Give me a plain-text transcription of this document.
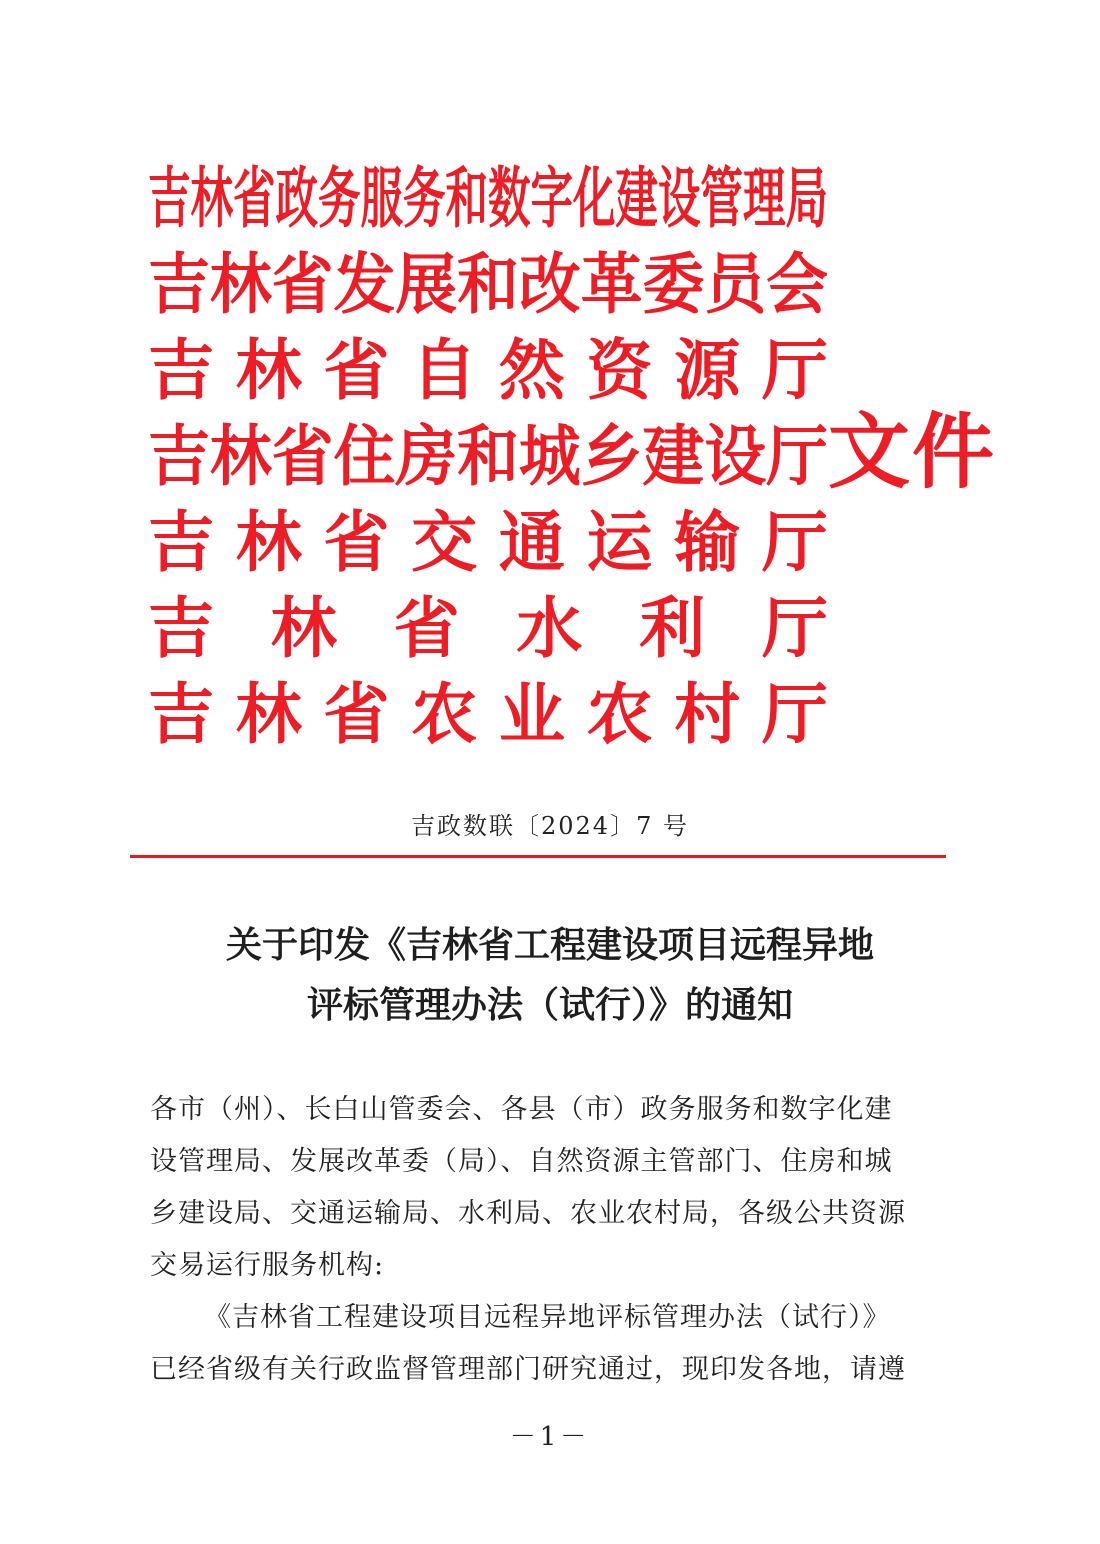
吉林省政务服务和数字化建设管理局
吉林省发展和改革委员会
吉 林 省 自 然 资 源 厅
吉林省住房和城乡建设厅
吉 林 省 交 通 运 输 厅
吉 林 省 水 利 厅
吉 林 省 农 业 农 村 厅
文件
吉政数联〔2024〕7 号
关于印发《吉林省工程建设项目远程异地
评标管理办法（试行）》的通知
各市（州）、长白山管委会、各县（市）政务服务和数字化建
设管理局、发展改革委（局）、自然资源主管部门、住房和城
乡建设局、交通运输局、水利局、农业农村局，各级公共资源
交易运行服务机构:
《吉林省工程建设项目远程异地评标管理办法（试行）》
已经省级有关行政监督管理部门研究通过，现印发各地，请遵
－1－
